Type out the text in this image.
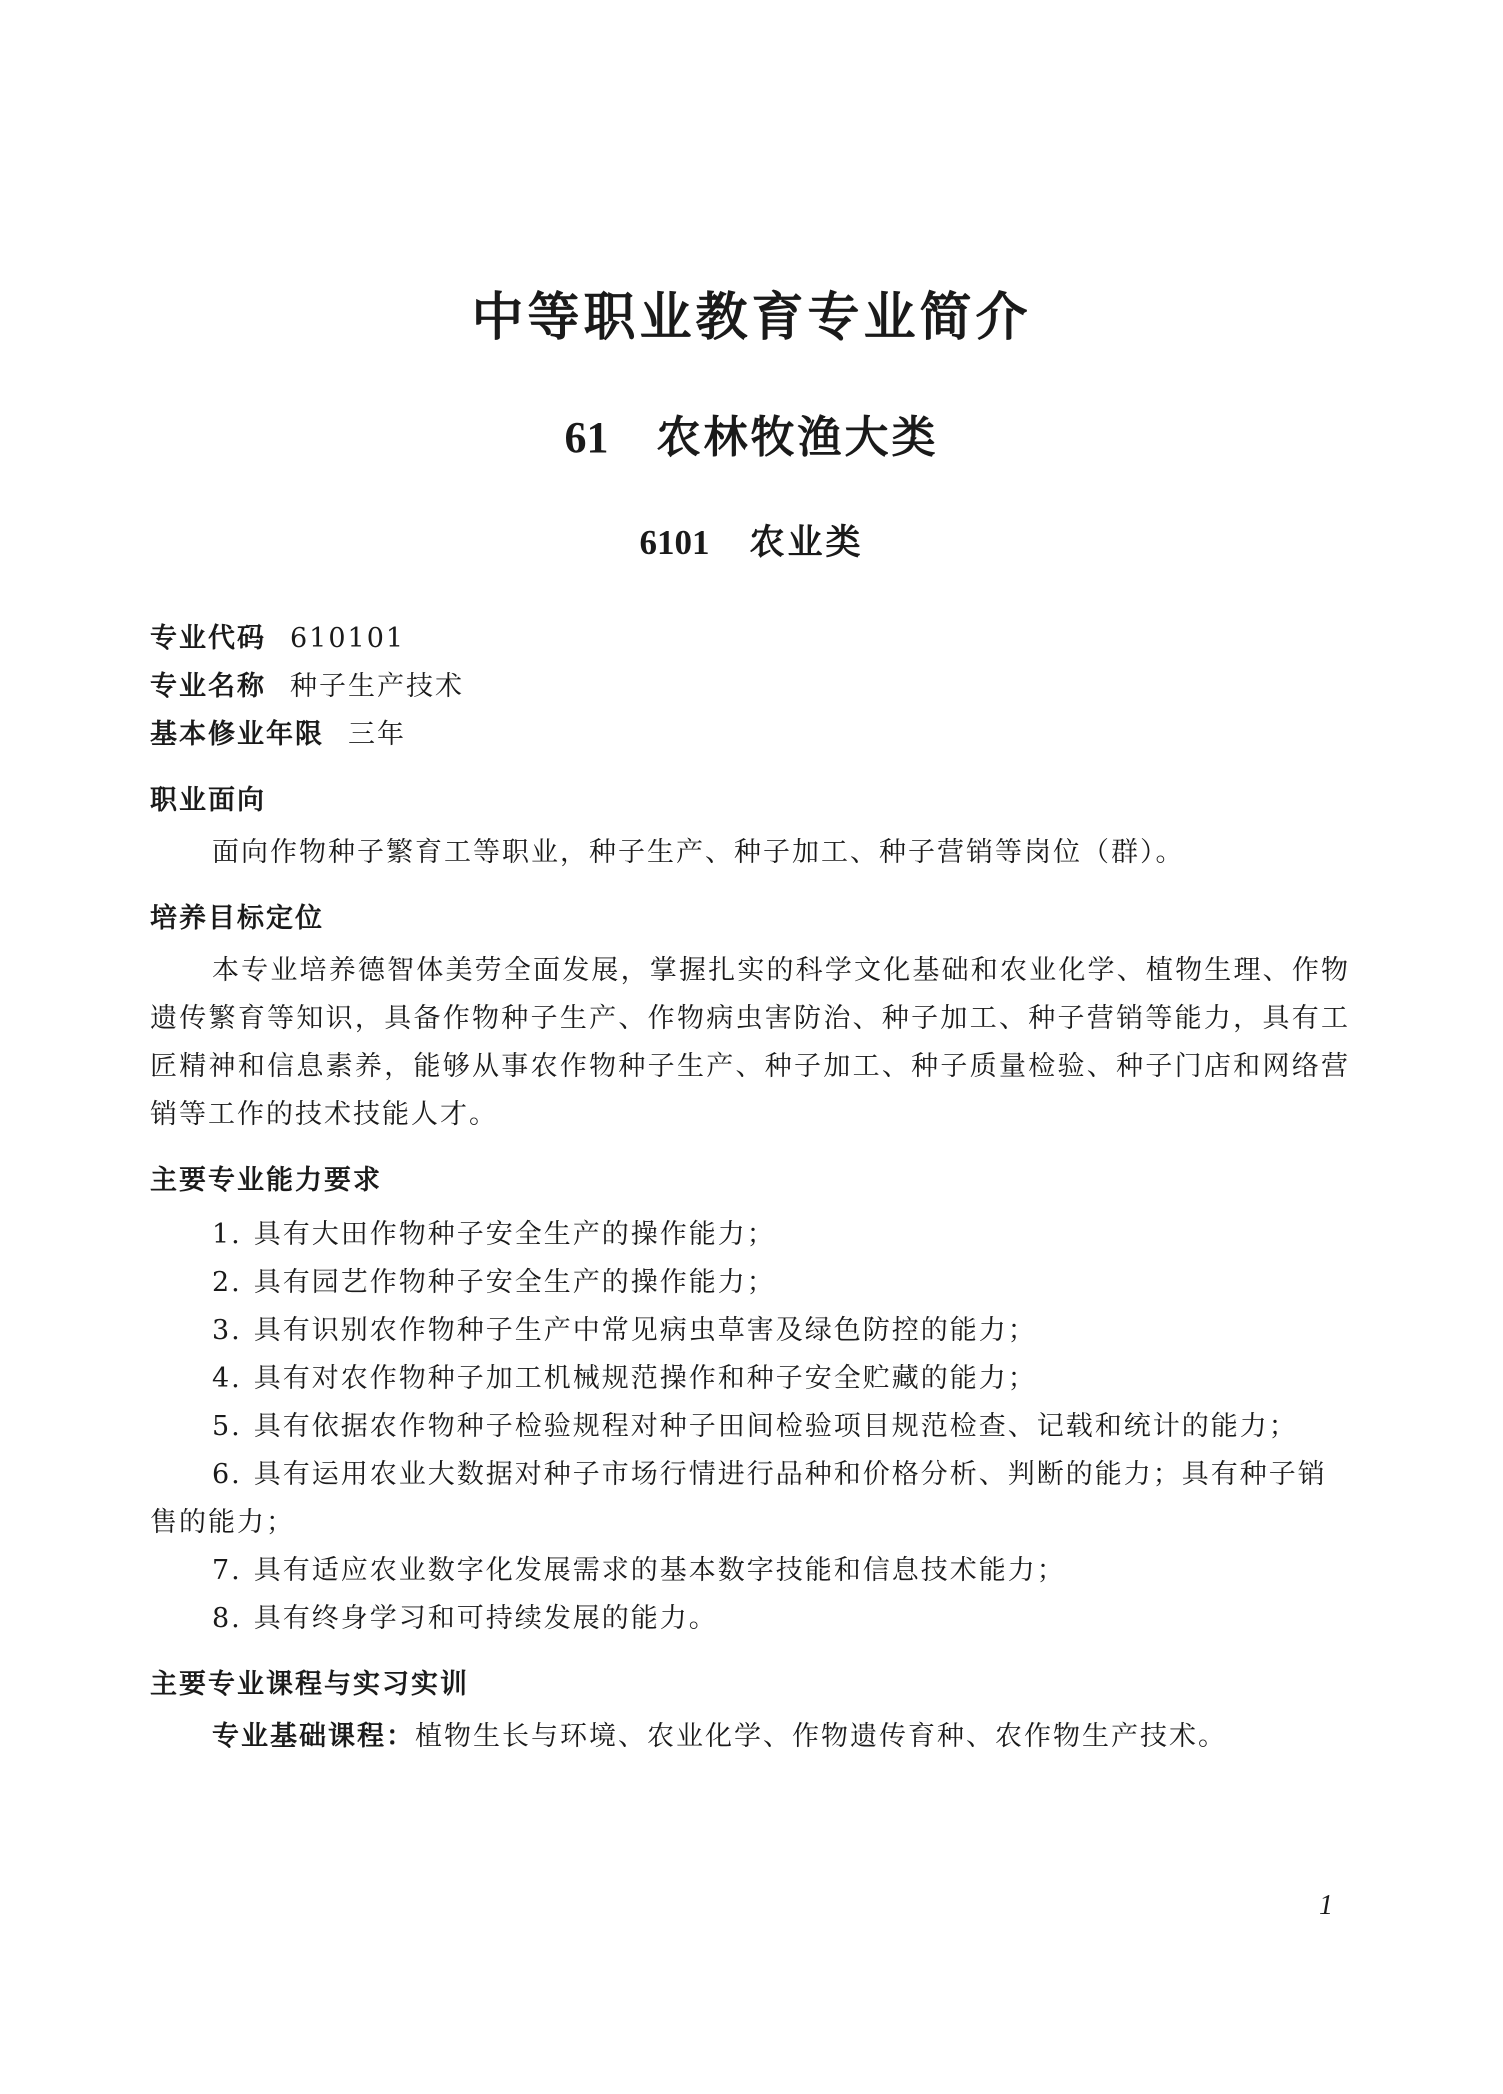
中等职业教育专业简介
61 农林牧渔大类
6101 农业类
专业代码 610101
专业名称 种子生产技术
基本修业年限 三年
职业面向
面向作物种子繁育工等职业，种子生产、种子加工、种子营销等岗位（群）。
培养目标定位
本专业培养德智体美劳全面发展，掌握扎实的科学文化基础和农业化学、植物生理、作物遗传繁育等知识，具备作物种子生产、作物病虫害防治、种子加工、种子营销等能力，具有工匠精神和信息素养，能够从事农作物种子生产、种子加工、种子质量检验、种子门店和网络营销等工作的技术技能人才。
主要专业能力要求
1. 具有大田作物种子安全生产的操作能力；
2. 具有园艺作物种子安全生产的操作能力；
3. 具有识别农作物种子生产中常见病虫草害及绿色防控的能力；
4. 具有对农作物种子加工机械规范操作和种子安全贮藏的能力；
5. 具有依据农作物种子检验规程对种子田间检验项目规范检查、记载和统计的能力；
6. 具有运用农业大数据对种子市场行情进行品种和价格分析、判断的能力；具有种子销售的能力；
7. 具有适应农业数字化发展需求的基本数字技能和信息技术能力；
8. 具有终身学习和可持续发展的能力。
主要专业课程与实习实训
专业基础课程：植物生长与环境、农业化学、作物遗传育种、农作物生产技术。
1
